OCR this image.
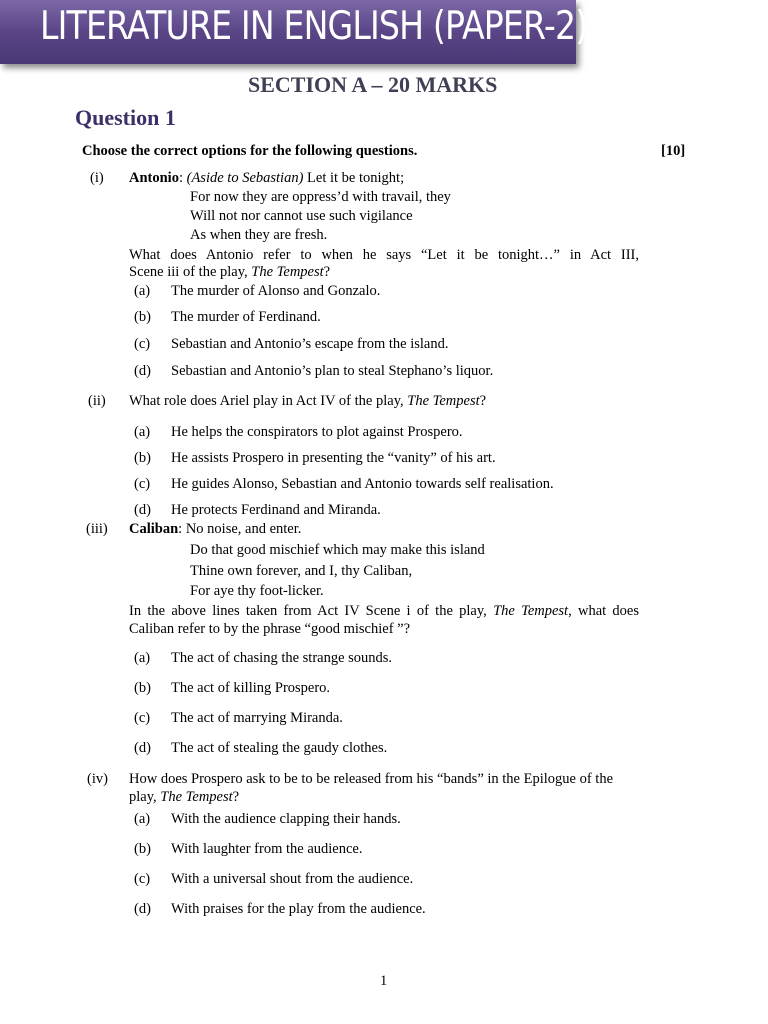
LITERATURE IN ENGLISH (PAPER-2)
SECTION A – 20 MARKS
Question 1
Choose the correct options for the following questions.	[10]
(i) Antonio: (Aside to Sebastian) Let it be tonight;
For now they are oppress’d with travail, they
Will not nor cannot use such vigilance
As when they are fresh.
What does Antonio refer to when he says “Let it be tonight…” in Act III,
Scene iii of the play, The Tempest?
(a) The murder of Alonso and Gonzalo.
(b) The murder of Ferdinand.
(c) Sebastian and Antonio’s escape from the island.
(d) Sebastian and Antonio’s plan to steal Stephano’s liquor.
(ii) What role does Ariel play in Act IV of the play, The Tempest?
(a) He helps the conspirators to plot against Prospero.
(b) He assists Prospero in presenting the “vanity” of his art.
(c) He guides Alonso, Sebastian and Antonio towards self realisation.
(d) He protects Ferdinand and Miranda.
(iii) Caliban: No noise, and enter.
Do that good mischief which may make this island
Thine own forever, and I, thy Caliban,
For aye thy foot-licker.
In the above lines taken from Act IV Scene i of the play, The Tempest, what does
Caliban refer to by the phrase “good mischief ”?
(a) The act of chasing the strange sounds.
(b) The act of killing Prospero.
(c) The act of marrying Miranda.
(d) The act of stealing the gaudy clothes.
(iv) How does Prospero ask to be to be released from his “bands” in the Epilogue of the
play, The Tempest?
(a) With the audience clapping their hands.
(b) With laughter from the audience.
(c) With a universal shout from the audience.
(d) With praises for the play from the audience.
1
